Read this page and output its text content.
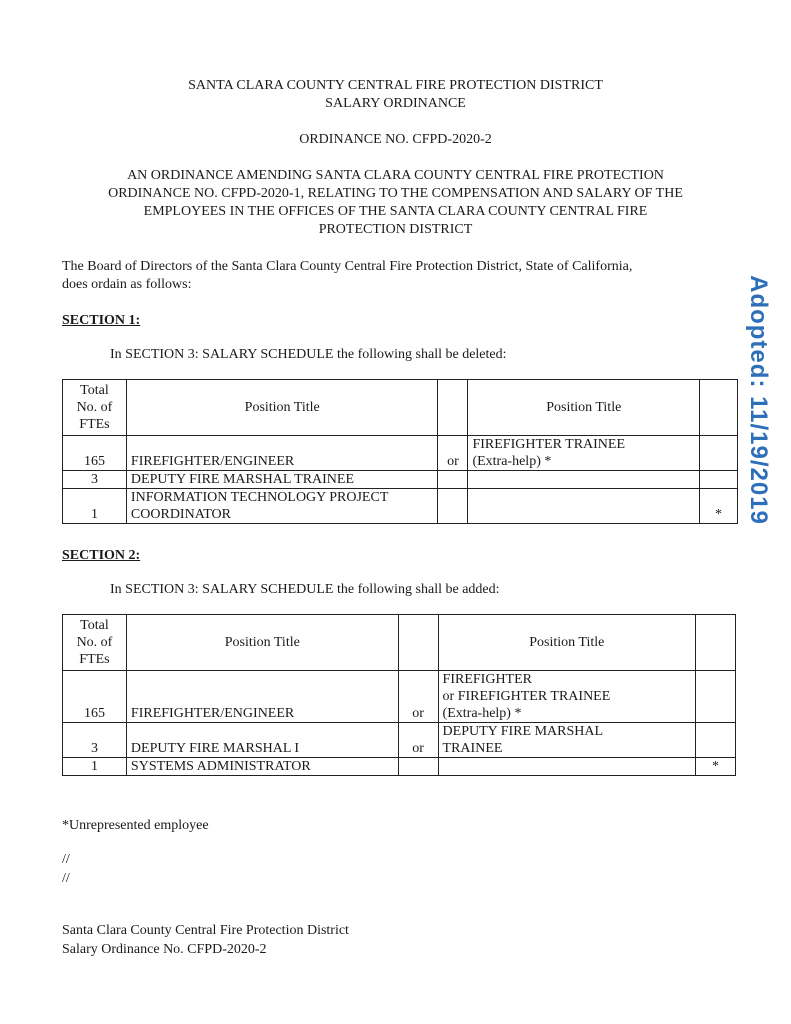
SANTA CLARA COUNTY CENTRAL FIRE PROTECTION DISTRICT
SALARY ORDINANCE
ORDINANCE NO. CFPD-2020-2
AN ORDINANCE AMENDING SANTA CLARA COUNTY CENTRAL FIRE PROTECTION
ORDINANCE NO. CFPD-2020-1, RELATING TO THE COMPENSATION AND SALARY OF THE
EMPLOYEES IN THE OFFICES OF THE SANTA CLARA COUNTY CENTRAL FIRE
PROTECTION DISTRICT
The Board of Directors of the Santa Clara County Central Fire Protection District, State of California,
does ordain as follows:	Adopted: 11/19/2019
SECTION 1:
In SECTION 3: SALARY SCHEDULE the following shall be deleted:
Total
No. of
FTEs	Position Title		Position Title	
165	FIREFIGHTER/ENGINEER	or	FIREFIGHTER TRAINEE
(Extra-help) *	

3	DEPUTY FIRE MARSHAL TRAINEE			
1	INFORMATION TECHNOLOGY PROJECT
COORDINATOR			*
SECTION 2:
In SECTION 3: SALARY SCHEDULE the following shall be added:
Total
No. of
FTEs	Position Title		Position Title	
165	FIREFIGHTER/ENGINEER	or	FIREFIGHTER
or FIREFIGHTER TRAINEE
(Extra-help) *	

3	DEPUTY FIRE MARSHAL I	or	DEPUTY FIRE MARSHAL
TRAINEE	

1	SYSTEMS ADMINISTRATOR			*
*Unrepresented employee
//
//
Santa Clara County Central Fire Protection District
Salary Ordinance No. CFPD-2020-2
